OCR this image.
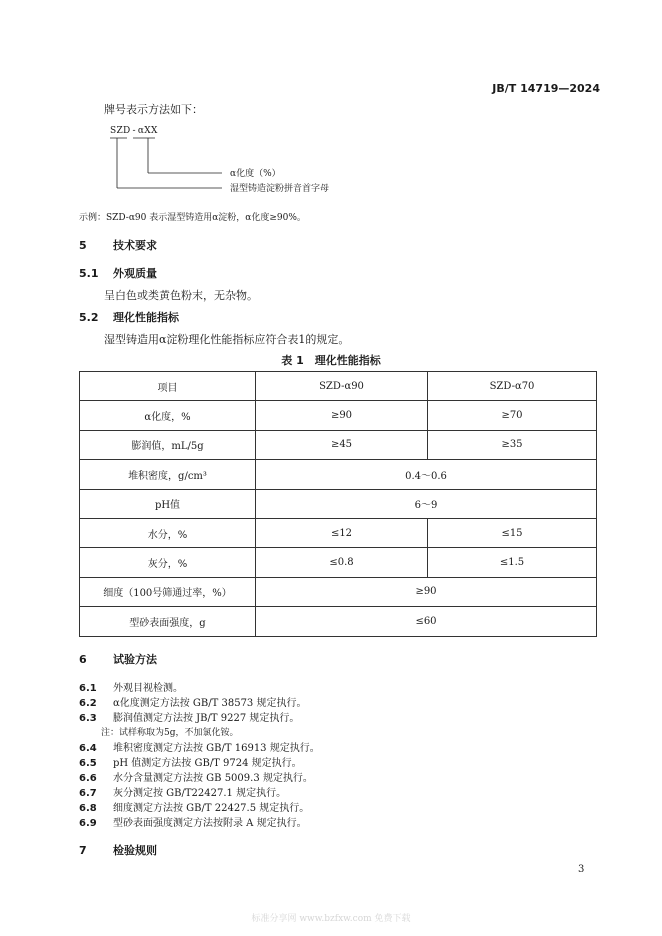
JB/T 14719—2024
牌号表示方法如下：
SZD - αXX
α化度（%）
湿型铸造淀粉拼音首字母
示例：SZD-α90 表示湿型铸造用α淀粉，α化度≥90%。
5 技术要求
5.1 外观质量
呈白色或类黄色粉末，无杂物。
5.2 理化性能指标
湿型铸造用α淀粉理化性能指标应符合表1的规定。
表 1　理化性能指标
项目	SZD-α90	SZD-α70
α化度，%	≥90	≥70
膨润值，mL/5g	≥45	≥35
堆积密度，g/cm³	0.4～0.6	
pH值	6～9	
水分，%	≤12	≤15
灰分，%	≤0.8	≤1.5
细度（100号筛通过率，%）	≥90	
型砂表面强度，g	≤60	
6 试验方法
6.1 外观目视检测。
6.2 α化度测定方法按 GB/T 38573 规定执行。
6.3 膨润值测定方法按 JB/T 9227 规定执行。
注：试样称取为5g，不加氯化铵。
6.4 堆积密度测定方法按 GB/T 16913 规定执行。
6.5 pH 值测定方法按 GB/T 9724 规定执行。
6.6 水分含量测定方法按 GB 5009.3 规定执行。
6.7 灰分测定按 GB/T22427.1 规定执行。
6.8 细度测定方法按 GB/T 22427.5 规定执行。
6.9 型砂表面强度测定方法按附录 A 规定执行。
7 检验规则
3
标准分享网 www.bzfxw.com 免费下载
